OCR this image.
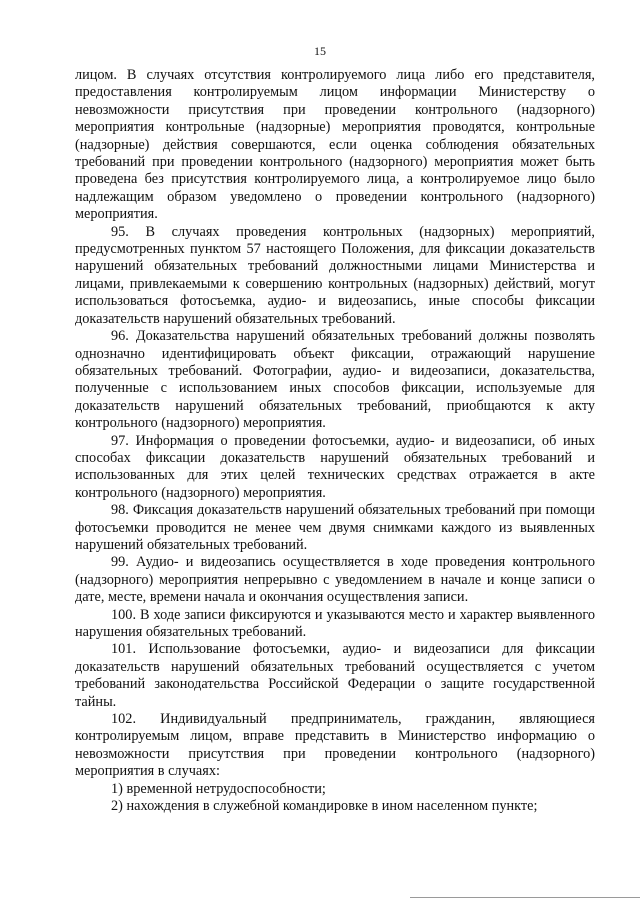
15

лицом. В случаях отсутствия контролируемого лица либо его представителя, предоставления контролируемым лицом информации Министерству о невозможности присутствия при проведении контрольного (надзорного) мероприятия контрольные (надзорные) мероприятия проводятся, контрольные (надзорные) действия совершаются, если оценка соблюдения обязательных требований при проведении контрольного (надзорного) мероприятия может быть проведена без присутствия контролируемого лица, а контролируемое лицо было надлежащим образом уведомлено о проведении контрольного (надзорного) мероприятия.

95. В случаях проведения контрольных (надзорных) мероприятий, предусмотренных пунктом 57 настоящего Положения, для фиксации доказательств нарушений обязательных требований должностными лицами Министерства и лицами, привлекаемыми к совершению контрольных (надзорных) действий, могут использоваться фотосъемка, аудио- и видеозапись, иные способы фиксации доказательств нарушений обязательных требований.

96. Доказательства нарушений обязательных требований должны позволять однозначно идентифицировать объект фиксации, отражающий нарушение обязательных требований. Фотографии, аудио- и видеозаписи, доказательства, полученные с использованием иных способов фиксации, используемые для доказательств нарушений обязательных требований, приобщаются к акту контрольного (надзорного) мероприятия.

97. Информация о проведении фотосъемки, аудио- и видеозаписи, об иных способах фиксации доказательств нарушений обязательных требований и использованных для этих целей технических средствах отражается в акте контрольного (надзорного) мероприятия.

98. Фиксация доказательств нарушений обязательных требований при помощи фотосъемки проводится не менее чем двумя снимками каждого из выявленных нарушений обязательных требований.

99. Аудио- и видеозапись осуществляется в ходе проведения контрольного (надзорного) мероприятия непрерывно с уведомлением в начале и конце записи о дате, месте, времени начала и окончания осуществления записи.

100. В ходе записи фиксируются и указываются место и характер выявленного нарушения обязательных требований.

101. Использование фотосъемки, аудио- и видеозаписи для фиксации доказательств нарушений обязательных требований осуществляется с учетом требований законодательства Российской Федерации о защите государственной тайны.

102. Индивидуальный предприниматель, гражданин, являющиеся контролируемым лицом, вправе представить в Министерство информацию о невозможности присутствия при проведении контрольного (надзорного) мероприятия в случаях:

1) временной нетрудоспособности;

2) нахождения в служебной командировке в ином населенном пункте;
